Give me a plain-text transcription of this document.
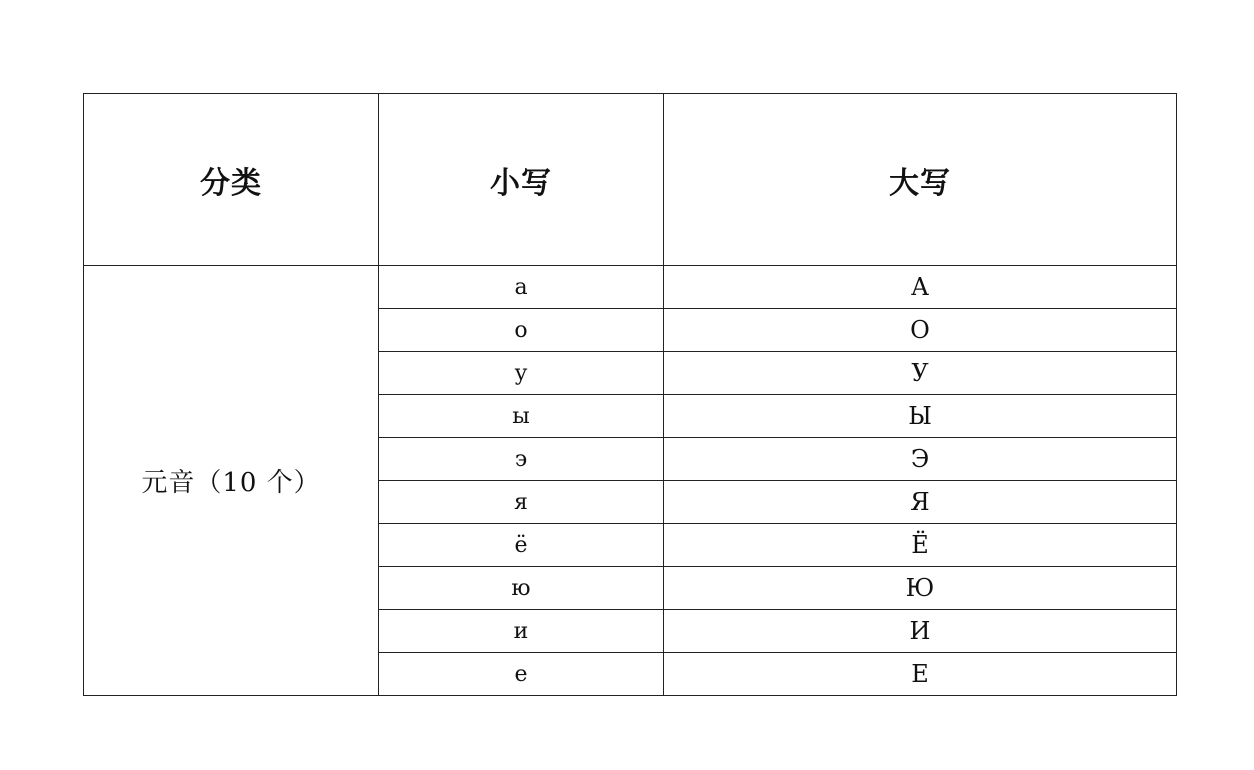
分类	小写	大写
元音（10 个）	а	А
	о	О
	у	У
	ы	Ы
	э	Э
	я	Я
	ё	Ё
	ю	Ю
	и	И
	е	Е
